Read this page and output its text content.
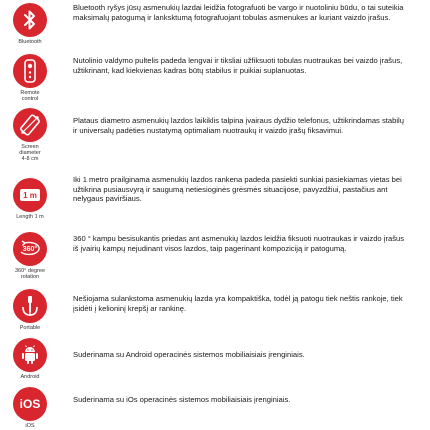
Bluetooth
Bluetooth ryšys jūsų asmenukių lazdai leidžia fotografuoti be vargo ir nuotoliniu būdu, o tai suteikia maksimalų patogumą ir lanksktumą fotografuojant tobulas asmenukes ar kuriant vaizdo įrašus.
Remote
control
Nutolinio valdymo pultelis padeda lengvai ir tiksliai užfiksuoti tobulas nuotraukas bei vaizdo įrašus, užtikrinant, kad kiekvienas kadras būtų stabilus ir puikiai suplanuotas.
Screen
diameter
4-8 cm
Plataus diametro asmenukių lazdos laikiklis talpina įvairaus dydžio telefonus, užtikrindamas stabilų ir universalų padėties nustatymą optimaliam nuotraukų ir vaizdo įrašų fiksavimui.
1 m
Length 1 m
Iki 1 metro prailginama asmenukių lazdos rankena padeda pasiekti sunkiai pasiekiamas vietas bei užtikrina pusiausvyrą ir saugumą netiesioginės grėsmės situacijose, pavyzdžiui, pastačius ant nelygaus paviršiaus.
360°
360° degree
rotation
360 ° kampu besisukantis priedas ant asmenukių lazdos leidžia fiksuoti nuotraukas ir vaizdo įrašus iš įvairių kampų nejudinant visos lazdos, taip pagerinant kompoziciją ir patogumą.
Portable
Nešiojama sulankstoma asmenukių lazda yra kompaktiška, todėl ją patogu tiek neštis rankoje, tiek įsidėti į kelioninį krepšį ar rankinę.
Android
Suderinama su Android operacinės sistemos mobiliaisiais įrenginiais.
iOS
iOS
Suderinama su iOs operacinės sistemos mobiliaisiais įrenginiais.
